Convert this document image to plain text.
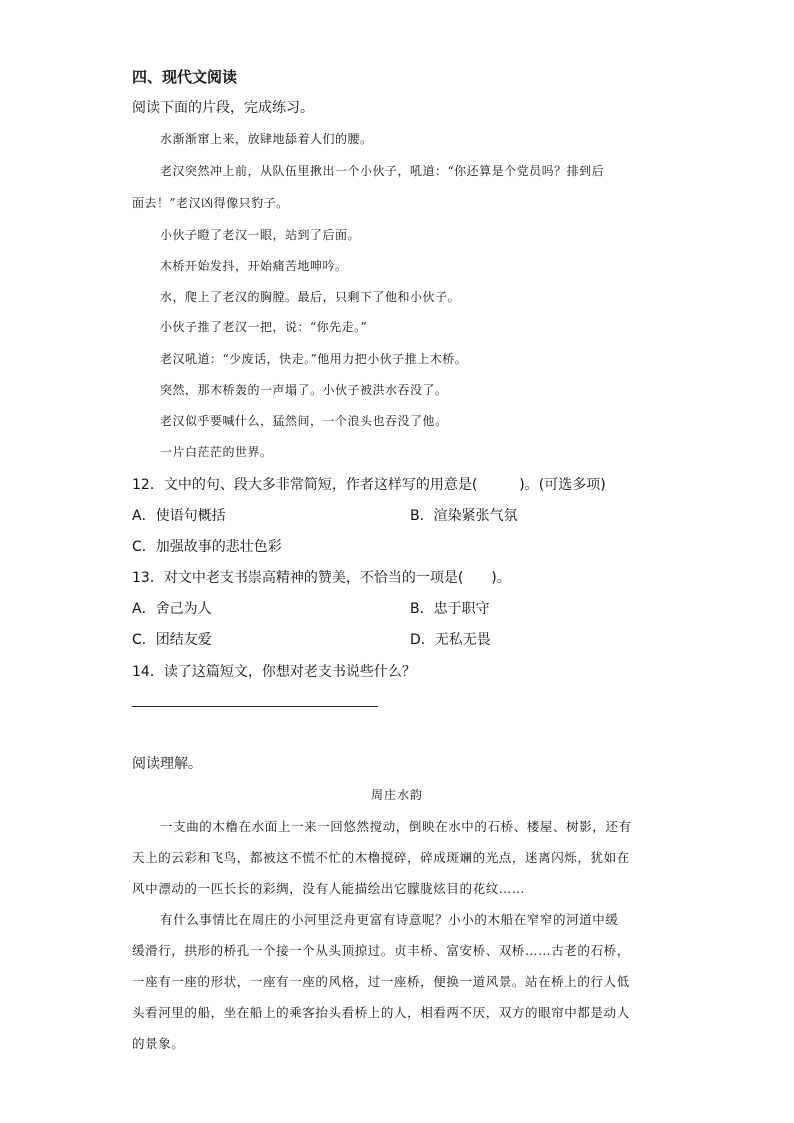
四、现代文阅读
阅读下面的片段，完成练习。
水渐渐窜上来，放肆地舔着人们的腰。
老汉突然冲上前，从队伍里揪出一个小伙子，吼道：“你还算是个党员吗？排到后
面去！”老汉凶得像只豹子。
小伙子瞪了老汉一眼，站到了后面。
木桥开始发抖，开始痛苦地呻吟。
水，爬上了老汉的胸膛。最后，只剩下了他和小伙子。
小伙子推了老汉一把，说：“你先走。”
老汉吼道：“少废话，快走。”他用力把小伙子推上木桥。
突然，那木桥轰的一声塌了。小伙子被洪水吞没了。
老汉似乎要喊什么，猛然间，一个浪头也吞没了他。
一片白茫茫的世界。
12．文中的句、段大多非常简短，作者这样写的用意是(　　　)。(可选多项)
A．使语句概括	B．渲染紧张气氛
C．加强故事的悲壮色彩
13．对文中老支书崇高精神的赞美，不恰当的一项是(　　)。
A．舍己为人	B．忠于职守
C．团结友爱	D．无私无畏
14．读了这篇短文，你想对老支书说些什么？
阅读理解。
周庄水韵
一支曲的木橹在水面上一来一回悠然搅动，倒映在水中的石桥、楼屋、树影，还有
天上的云彩和飞鸟，都被这不慌不忙的木橹搅碎，碎成斑斓的光点，迷离闪烁，犹如在
风中漂动的一匹长长的彩绸，没有人能描绘出它朦胧炫目的花纹……
有什么事情比在周庄的小河里泛舟更富有诗意呢？小小的木船在窄窄的河道中缓
缓滑行，拱形的桥孔一个接一个从头顶掠过。贞丰桥、富安桥、双桥……古老的石桥，
一座有一座的形状，一座有一座的风格，过一座桥，便换一道风景。站在桥上的行人低
头看河里的船，坐在船上的乘客抬头看桥上的人，相看两不厌，双方的眼帘中都是动人
的景象。
